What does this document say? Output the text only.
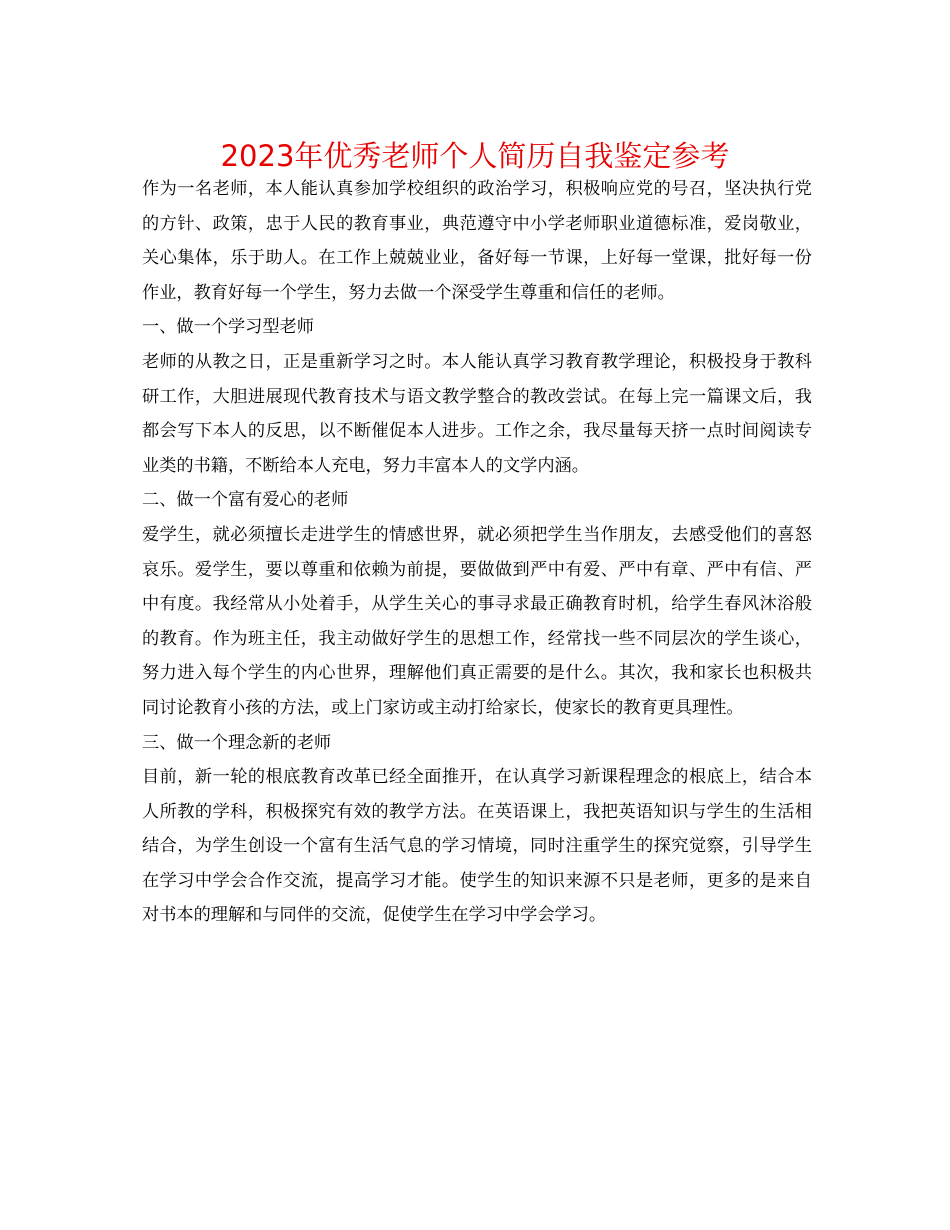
2023年优秀老师个人简历自我鉴定参考

作为一名老师，本人能认真参加学校组织的政治学习，积极响应党的号召，坚决执行党的方针、政策，忠于人民的教育事业，典范遵守中小学老师职业道德标准，爱岗敬业，关心集体，乐于助人。在工作上兢兢业业，备好每一节课，上好每一堂课，批好每一份作业，教育好每一个学生，努力去做一个深受学生尊重和信任的老师。

一、做一个学习型老师

老师的从教之日，正是重新学习之时。本人能认真学习教育教学理论，积极投身于教科研工作，大胆进展现代教育技术与语文教学整合的教改尝试。在每上完一篇课文后，我都会写下本人的反思，以不断催促本人进步。工作之余，我尽量每天挤一点时间阅读专业类的书籍，不断给本人充电，努力丰富本人的文学内涵。

二、做一个富有爱心的老师

爱学生，就必须擅长走进学生的情感世界，就必须把学生当作朋友，去感受他们的喜怒哀乐。爱学生，要以尊重和依赖为前提，要做做到严中有爱、严中有章、严中有信、严中有度。我经常从小处着手，从学生关心的事寻求最正确教育时机，给学生春风沐浴般的教育。作为班主任，我主动做好学生的思想工作，经常找一些不同层次的学生谈心，努力进入每个学生的内心世界，理解他们真正需要的是什么。其次，我和家长也积极共同讨论教育小孩的方法，或上门家访或主动打给家长，使家长的教育更具理性。

三、做一个理念新的老师

目前，新一轮的根底教育改革已经全面推开，在认真学习新课程理念的根底上，结合本人所教的学科，积极探究有效的教学方法。在英语课上，我把英语知识与学生的生活相结合，为学生创设一个富有生活气息的学习情境，同时注重学生的探究觉察，引导学生在学习中学会合作交流，提高学习才能。使学生的知识来源不只是老师，更多的是来自对书本的理解和与同伴的交流，促使学生在学习中学会学习。
